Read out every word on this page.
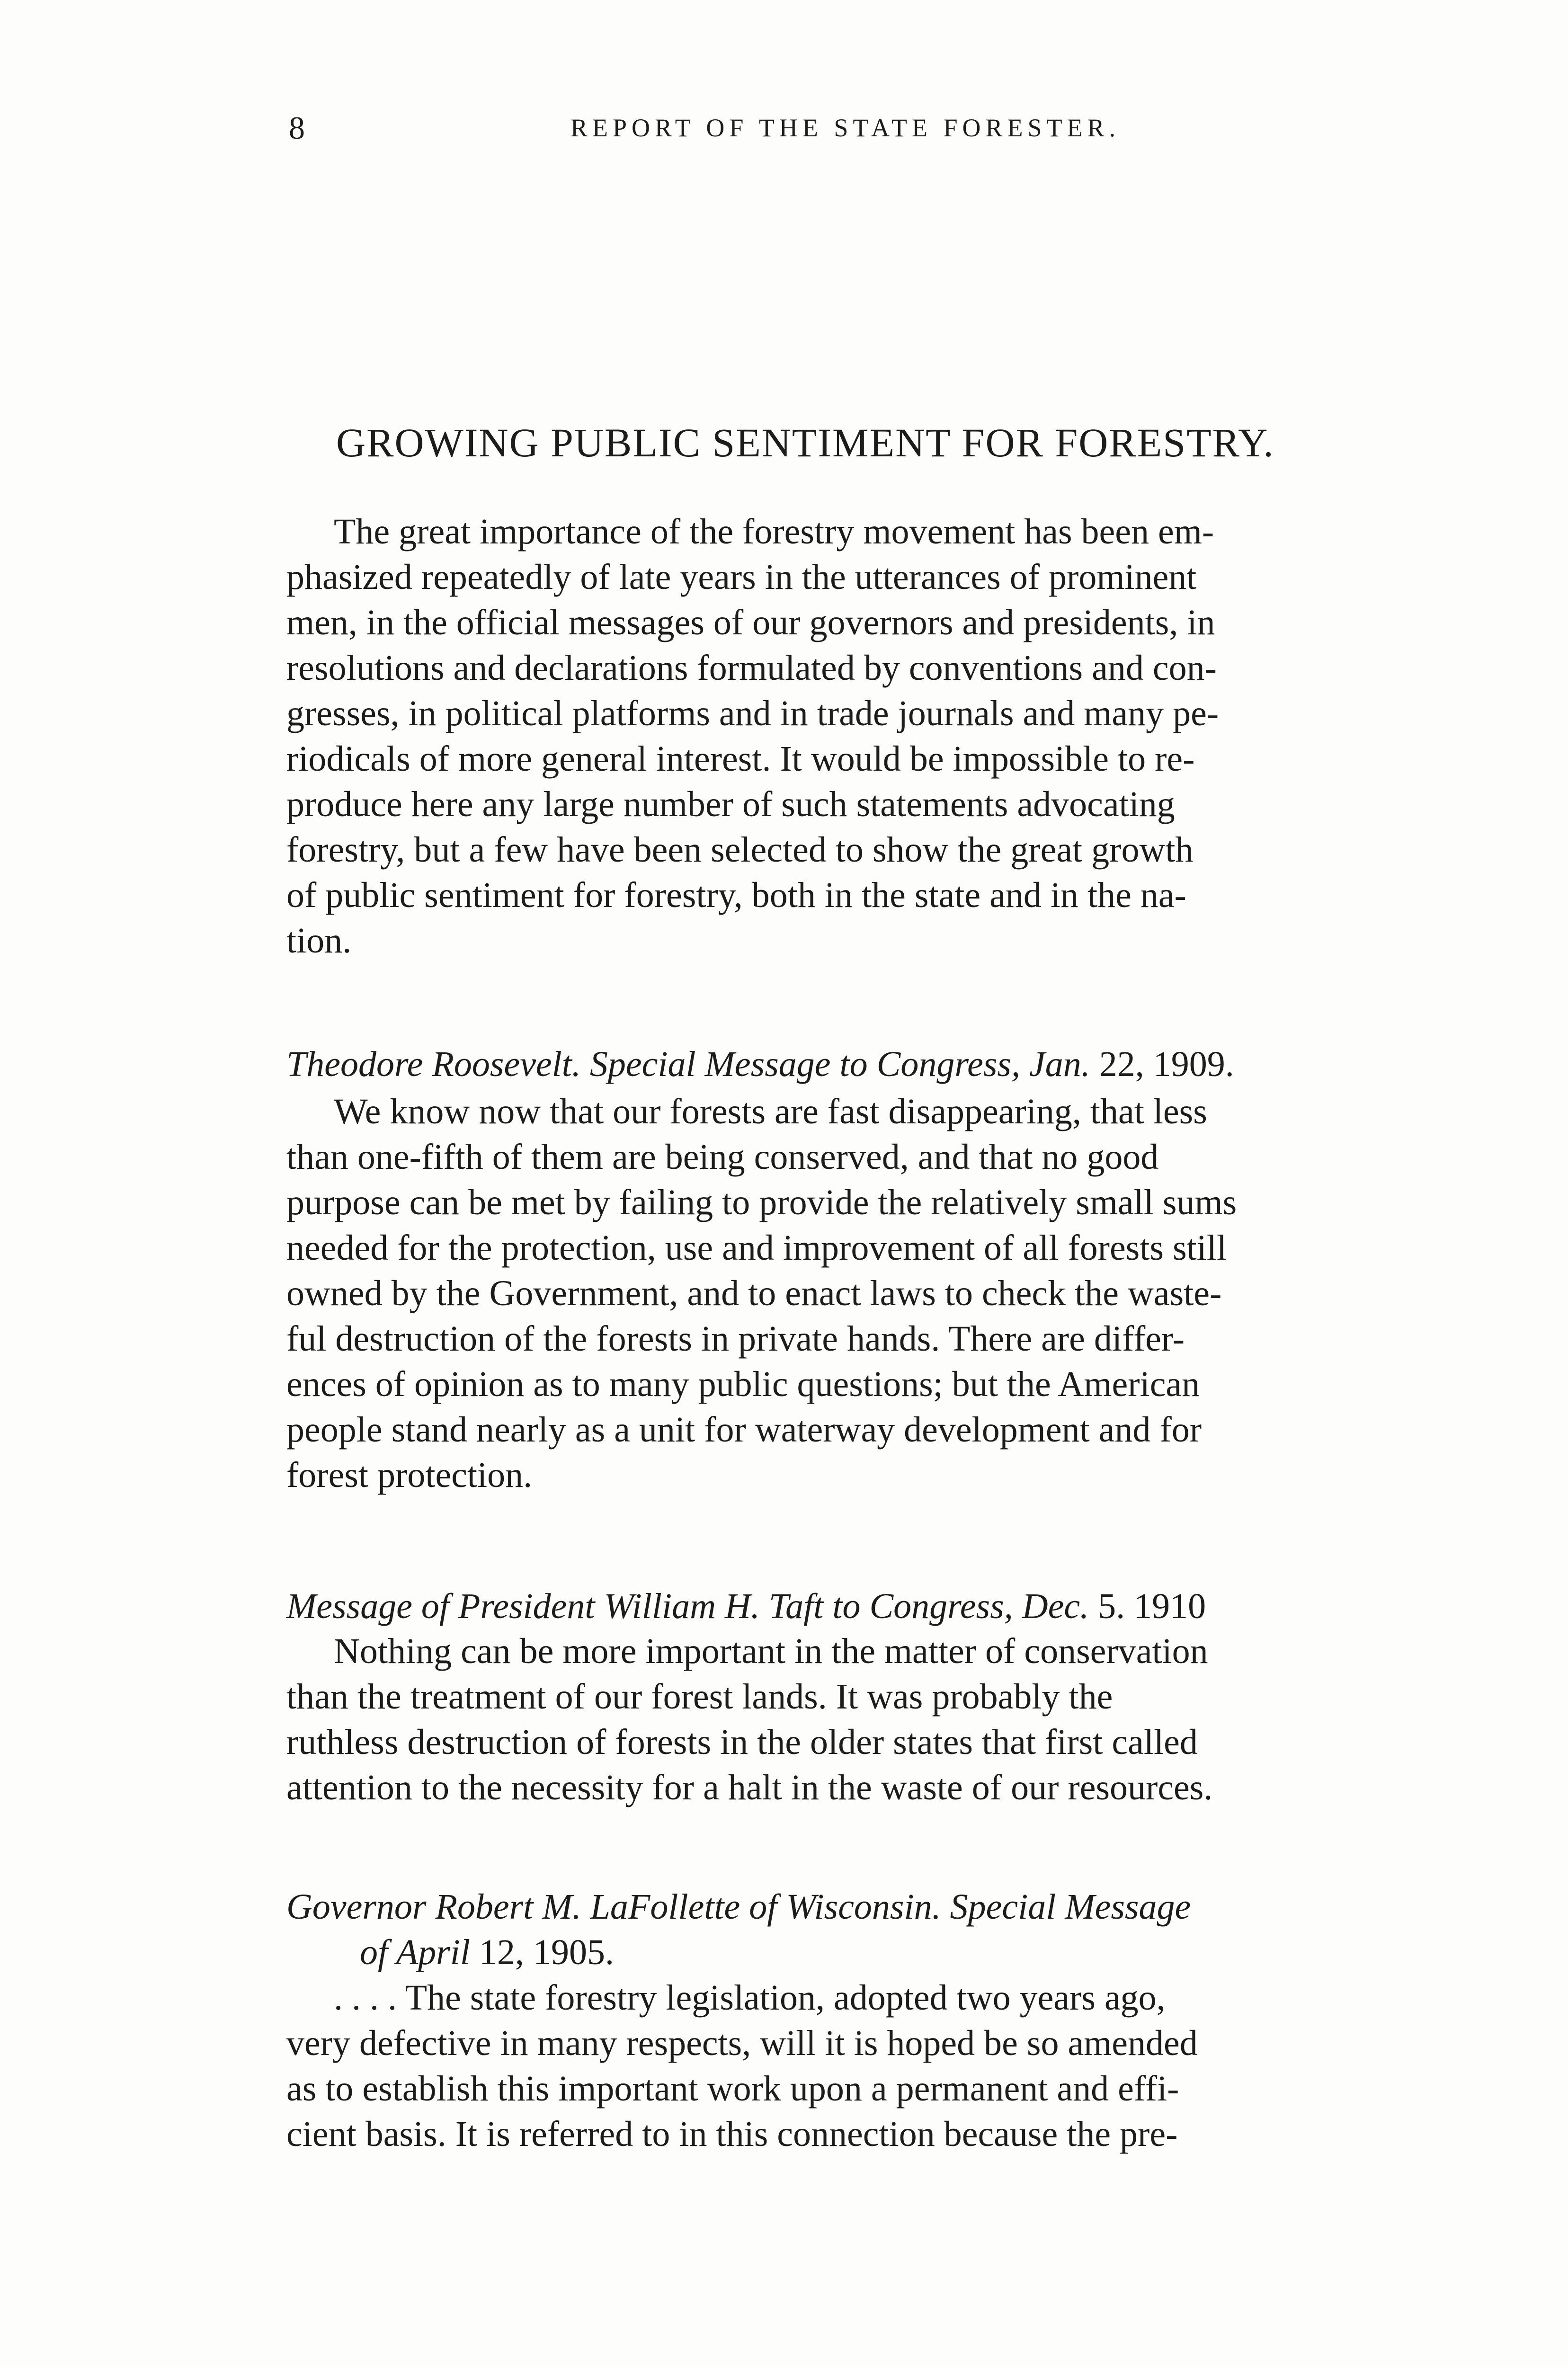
8	REPORT OF THE STATE FORESTER.
GROWING PUBLIC SENTIMENT FOR FORESTRY.

The great importance of the forestry movement has been em-
phasized repeatedly of late years in the utterances of prominent
men, in the official messages of our governors and presidents, in
resolutions and declarations formulated by conventions and con-
gresses, in political platforms and in trade journals and many pe-
riodicals of more general interest. It would be impossible to re-
produce here any large number of such statements advocating
forestry, but a few have been selected to show the great growth
of public sentiment for forestry, both in the state and in the na-
tion.

Theodore Roosevelt. Special Message to Congress, Jan. 22, 1909.

We know now that our forests are fast disappearing, that less
than one-fifth of them are being conserved, and that no good
purpose can be met by failing to provide the relatively small sums
needed for the protection, use and improvement of all forests still
owned by the Government, and to enact laws to check the waste-
ful destruction of the forests in private hands. There are differ-
ences of opinion as to many public questions; but the American
people stand nearly as a unit for waterway development and for
forest protection.

Message of President William H. Taft to Congress, Dec. 5. 1910

Nothing can be more important in the matter of conservation
than the treatment of our forest lands. It was probably the
ruthless destruction of forests in the older states that first called
attention to the necessity for a halt in the waste of our resources.

Governor Robert M. LaFollette of Wisconsin. Special Message
of April 12, 1905.

. . . . The state forestry legislation, adopted two years ago,
very defective in many respects, will it is hoped be so amended
as to establish this important work upon a permanent and effi-
cient basis. It is referred to in this connection because the pre-
